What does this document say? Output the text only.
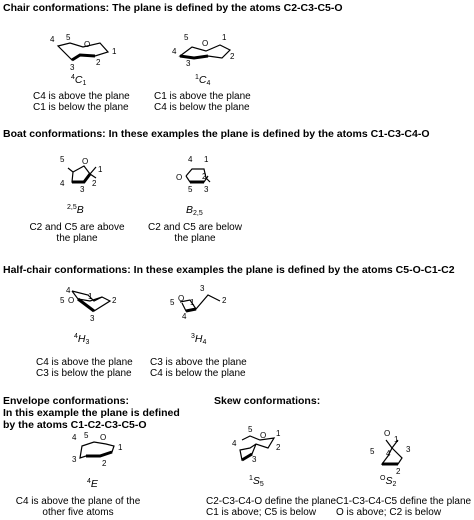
Chair conformations: The plane is defined by the atoms C2-C3-C5-O
4 5
O
1
2
3
$^4C_1$
C4 is above the plane
C1 is below the plane
5
4
O
1
2
3
$^1C_4$
C1 is above the plane
C4 is below the plane
Boat conformations: In these examples the plane is defined by the atoms C1-C3-C4-O
5 O
1
4	2
3
$^{2,5}$B
C2 and C5 are above
the plane
4 1
O 2
5 3
$B_{2,5}$
C2 and C5 are below
the plane
Half-chair conformations: In these examples the plane is defined by the atoms C5-O-C1-C2
4
5 O 1 2
3
$^4H_3$
C4 is above the plane
C3 is below the plane
3
5 O 1	2
4
$^3H_4$
C3 is above the plane
C4 is below the plane
Envelope conformations:
In this example the plane is defined
by the atoms C1-C2-C3-C5-O
4 5 O
1
3	2
$^4$E
C4 is above the plane of the
other five atoms
Skew conformations:
5
O 1
4	2
3
$^1S_5$
C2-C3-C4-O define the plane
C1 is above; C5 is below
O
1
5	3
4
2
$^OS_2$
C1-C3-C4-C5 define the plane
O is above; C2 is below
